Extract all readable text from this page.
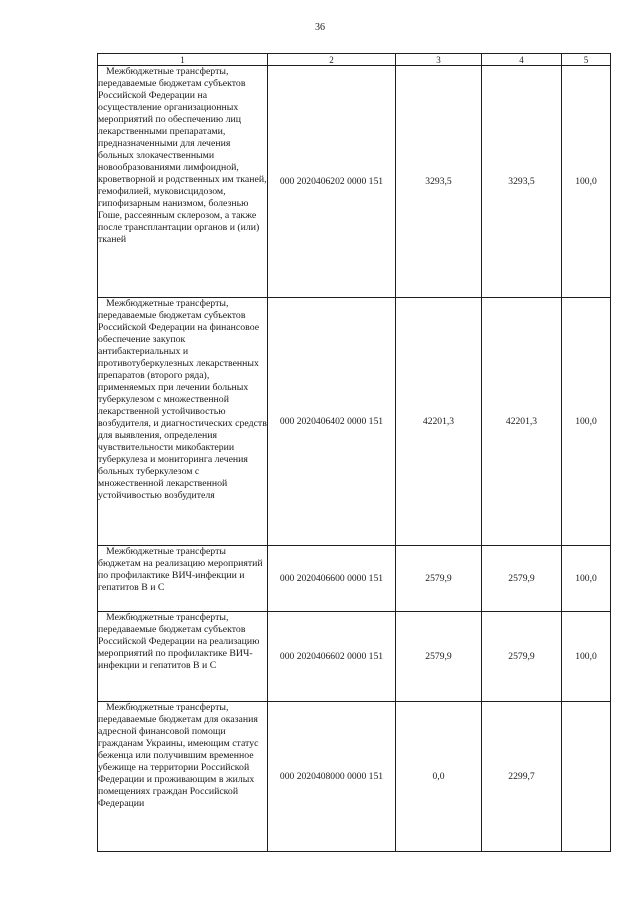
36
1	2	3	4	5

Межбюджетные трансферты, передаваемые бюджетам субъектов Российской Федерации на осуществление организационных мероприятий по обеспечению лиц лекарственными препаратами, предназначенными для лечения больных злокачественными новообразованиями лимфоидной, кроветворной и родственных им тканей, гемофилией, муковисцидозом, гипофизарным нанизмом, болезнью Гоше, рассеянным склерозом, а также после трансплантации органов и (или) тканей	000 2020406202 0000 151	3293,5	3293,5	100,0

Межбюджетные трансферты, передаваемые бюджетам субъектов Российской Федерации на финансовое обеспечение закупок антибактериальных и противотуберкулезных лекарственных препаратов (второго ряда), применяемых при лечении больных туберкулезом с множественной лекарственной устойчивостью возбудителя, и диагностических средств для выявления, определения чувствительности микобактерии туберкулеза и мониторинга лечения больных туберкулезом с множественной лекарственной устойчивостью возбудителя	000 2020406402 0000 151	42201,3	42201,3	100,0

Межбюджетные трансферты бюджетам на реализацию мероприятий по профилактике ВИЧ-инфекции и гепатитов В и С	000 2020406600 0000 151	2579,9	2579,9	100,0

Межбюджетные трансферты, передаваемые бюджетам субъектов Российской Федерации на реализацию мероприятий по профилактике ВИЧ-инфекции и гепатитов В и С	000 2020406602 0000 151	2579,9	2579,9	100,0

Межбюджетные трансферты, передаваемые бюджетам для оказания адресной финансовой помощи гражданам Украины, имеющим статус беженца или получившим временное убежище на территории Российской Федерации и проживающим в жилых помещениях граждан Российской Федерации	000 2020408000 0000 151	0,0	2299,7	
